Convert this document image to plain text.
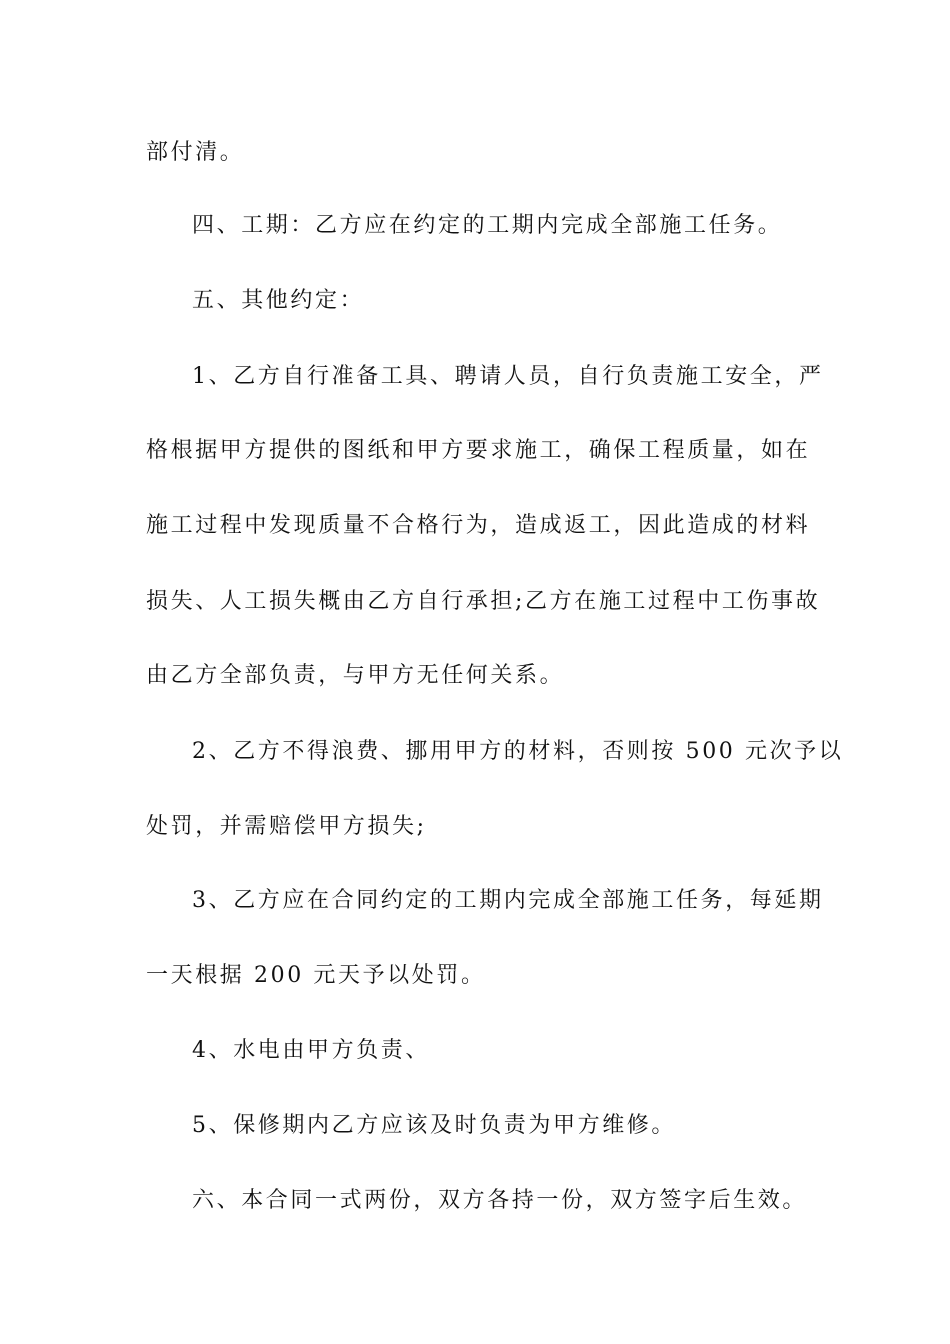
部付清。

四、工期：乙方应在约定的工期内完成全部施工任务。

五、其他约定：

1、乙方自行准备工具、聘请人员，自行负责施工安全，严

格根据甲方提供的图纸和甲方要求施工，确保工程质量，如在

施工过程中发现质量不合格行为，造成返工，因此造成的材料

损失、人工损失概由乙方自行承担;乙方在施工过程中工伤事故

由乙方全部负责，与甲方无任何关系。

2、乙方不得浪费、挪用甲方的材料，否则按 500 元次予以

处罚，并需赔偿甲方损失;

3、乙方应在合同约定的工期内完成全部施工任务，每延期

一天根据 200 元天予以处罚。

4、水电由甲方负责、

5、保修期内乙方应该及时负责为甲方维修。

六、本合同一式两份，双方各持一份，双方签字后生效。
